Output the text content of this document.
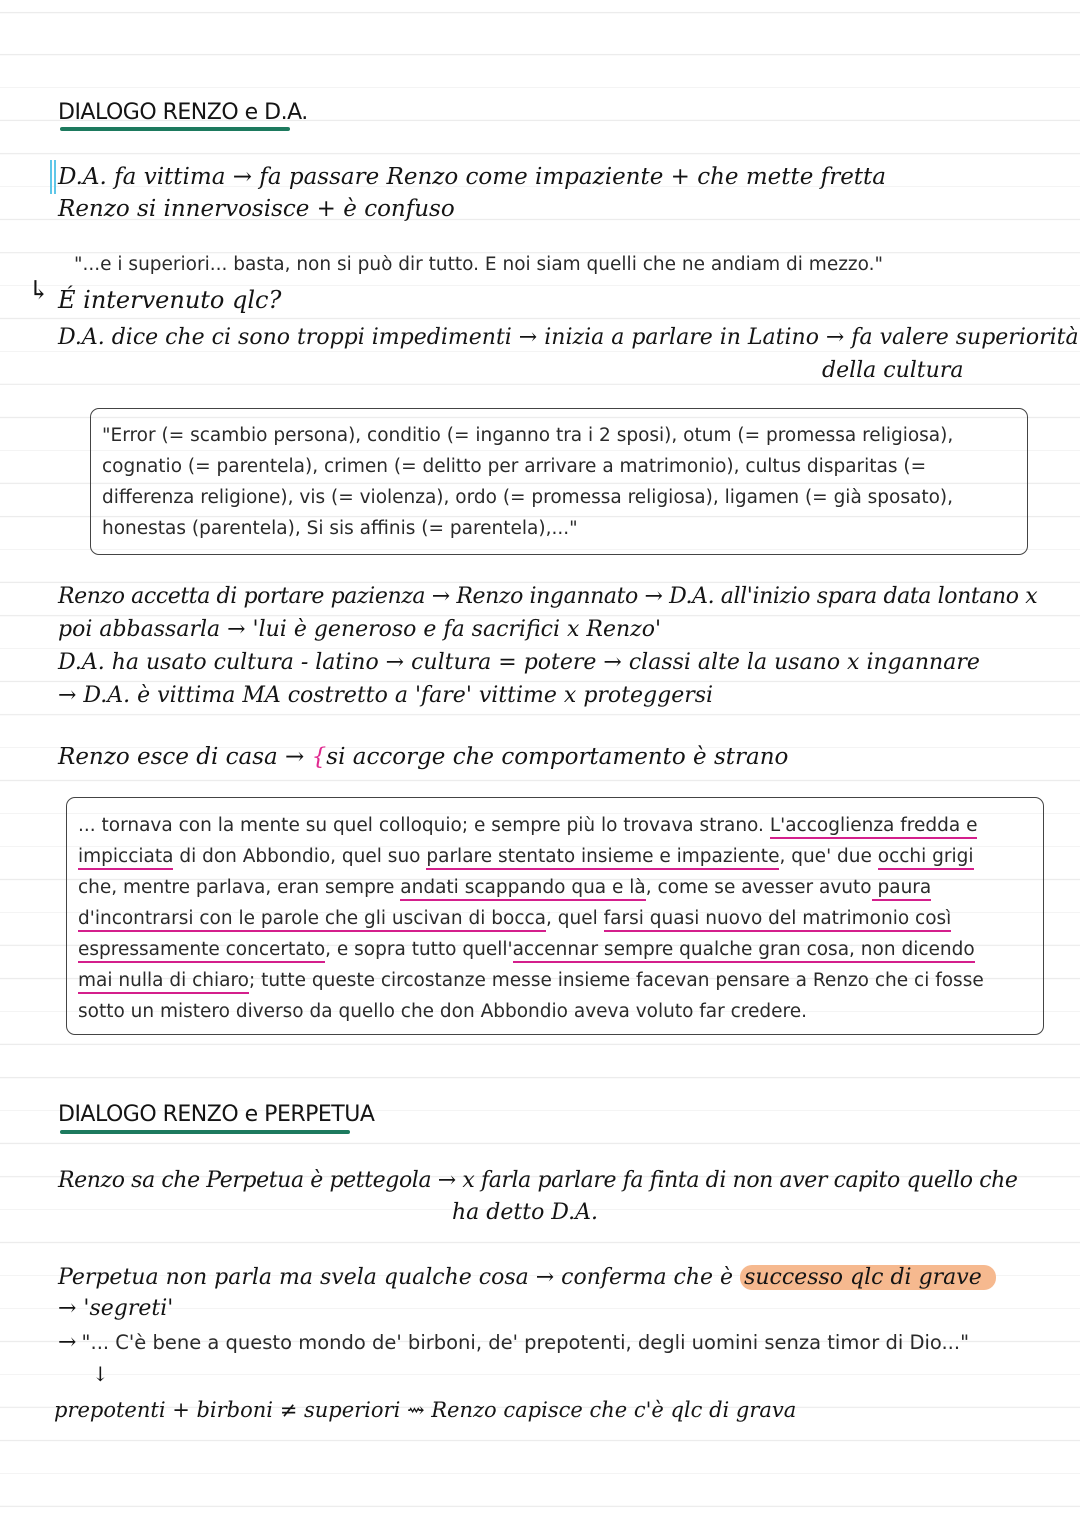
DIALOGO RENZO e D.A.
D.A. fa vittima → fa passare Renzo come impaziente + che mette fretta
Renzo si innervosisce + è confuso
"...e i superiori... basta, non si può dir tutto. E noi siam quelli che ne andiam di mezzo."
↳ É intervenuto qlc?
D.A. dice che ci sono troppi impedimenti → inizia a parlare in Latino → fa valere superiorità
della cultura
"Error (= scambio persona), conditio (= inganno tra i 2 sposi), otum (= promessa religiosa),
cognatio (= parentela), crimen (= delitto per arrivare a matrimonio), cultus disparitas (=
differenza religione), vis (= violenza), ordo (= promessa religiosa), ligamen (= già sposato),
honestas (parentela), Si sis affinis (= parentela),..."
Renzo accetta di portare pazienza → Renzo ingannato → D.A. all'inizio spara data lontano x
poi abbassarla → 'lui è generoso e fa sacrifici x Renzo'
D.A. ha usato cultura - latino → cultura = potere → classi alte la usano x ingannare
→ D.A. è vittima MA costretto a 'fare' vittime x proteggersi
Renzo esce di casa → {si accorge che comportamento è strano
... tornava con la mente su quel colloquio; e sempre più lo trovava strano. L'accoglienza fredda e
impicciata di don Abbondio, quel suo parlare stentato insieme e impaziente, que' due occhi grigi
che, mentre parlava, eran sempre andati scappando qua e là, come se avesser avuto paura
d'incontrarsi con le parole che gli uscivan di bocca, quel farsi quasi nuovo del matrimonio così
espressamente concertato, e sopra tutto quell'accennar sempre qualche gran cosa, non dicendo
mai nulla di chiaro; tutte queste circostanze messe insieme facevan pensare a Renzo che ci fosse
sotto un mistero diverso da quello che don Abbondio aveva voluto far credere.
DIALOGO RENZO e PERPETUA
Renzo sa che Perpetua è pettegola → x farla parlare fa finta di non aver capito quello che
ha detto D.A.
Perpetua non parla ma svela qualche cosa → conferma che è successo qlc di grave
→ 'segreti'
→ "... C'è bene a questo mondo de' birboni, de' prepotenti, degli uomini senza timor di Dio..."
↓
prepotenti + birboni ≠ superiori ⇝ Renzo capisce che c'è qlc di grava
